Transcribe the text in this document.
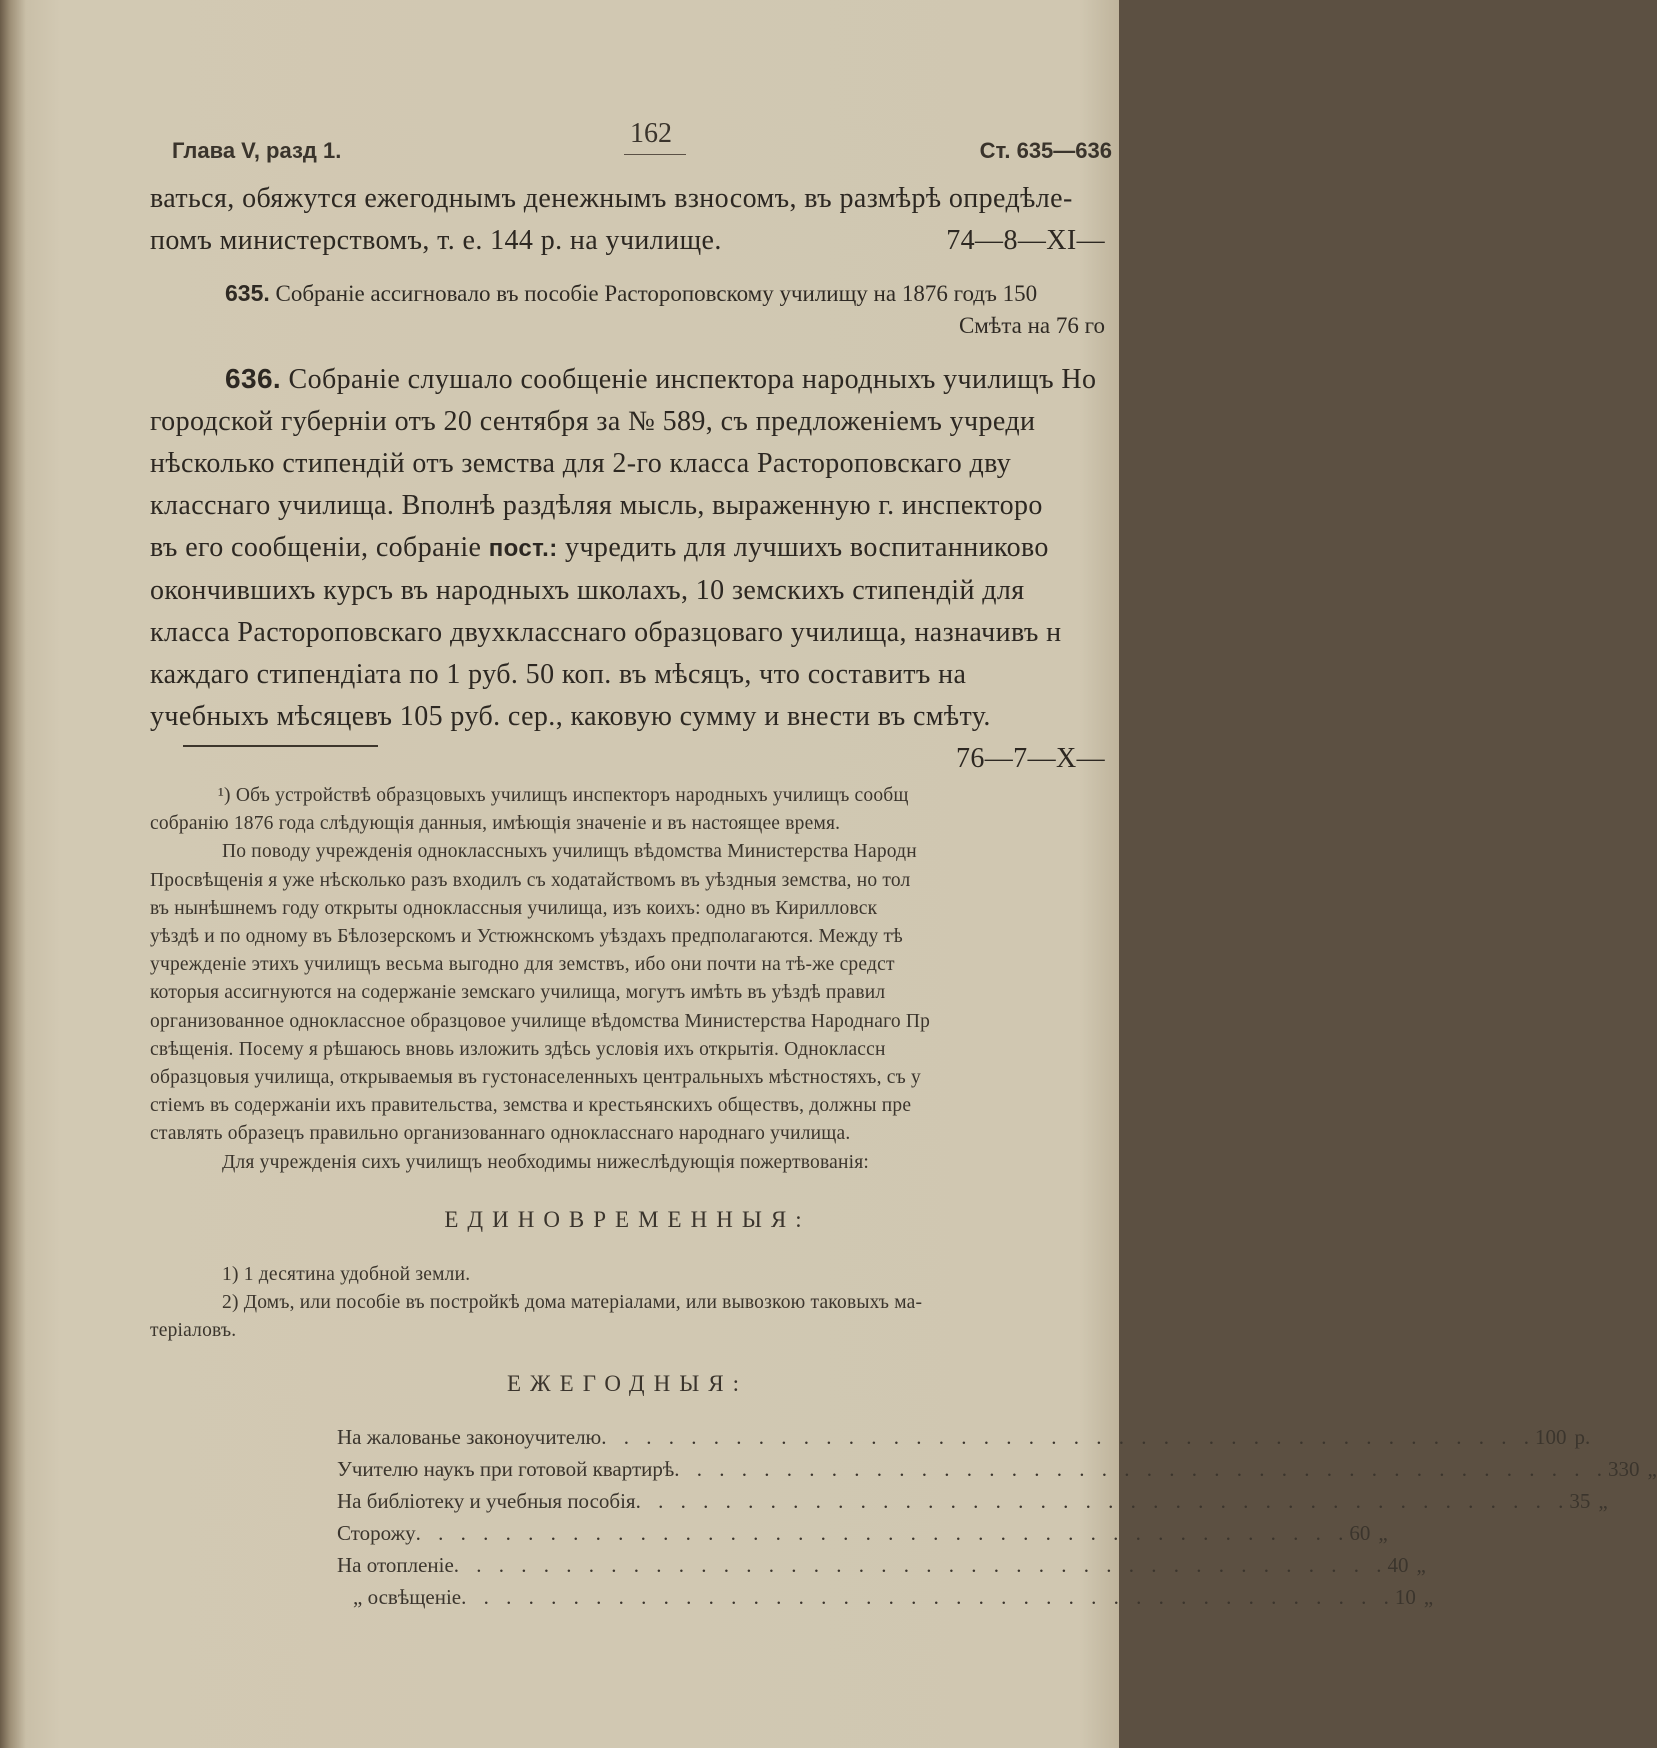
Глава V, разд 1.
162
Ст. 635—636

ваться, обяжутся ежегоднымъ денежнымъ взносомъ, въ размѣрѣ опредѣле-

помъ министерствомъ, т. е. 144 р. на училище.	74—8—XI—

635. Собраніе ассигновало въ пособіе Растороповскому училищу на 1876 годъ 150

Смѣта на 76 го

636. Собраніе слушало сообщеніе инспектора народныхъ училищъ Но

городской губерніи отъ 20 сентября за № 589, съ предложеніемъ учреди

нѣсколько стипендій отъ земства для 2-го класса Растороповскаго дву

класснаго училища. Вполнѣ раздѣляя мысль, выраженную г. инспекторо

въ его сообщеніи, собраніе пост.: учредить для лучшихъ воспитанниково

окончившихъ курсъ въ народныхъ школахъ, 10 земскихъ стипендій для

класса Растороповскаго двухкласснаго образцоваго училища, назначивъ н

каждаго стипендіата по 1 руб. 50 коп. въ мѣсяцъ, что составитъ на

учебныхъ мѣсяцевъ 105 руб. сер., каковую сумму и внести въ смѣту.

76—7—X—

¹) Объ устройствѣ образцовыхъ училищъ инспекторъ народныхъ училищъ сообщ

собранію 1876 года слѣдующія данныя, имѣющія значеніе и въ настоящее время.

По поводу учрежденія одноклассныхъ училищъ вѣдомства Министерства Народн

Просвѣщенія я уже нѣсколько разъ входилъ съ ходатайствомъ въ уѣздныя земства, но тол

въ нынѣшнемъ году открыты одноклассныя училища, изъ коихъ: одно въ Кирилловск

уѣздѣ и по одному въ Бѣлозерскомъ и Устюжнскомъ уѣздахъ предполагаются. Между тѣ

учрежденіе этихъ училищъ весьма выгодно для земствъ, ибо они почти на тѣ-же средст

которыя ассигнуются на содержаніе земскаго училища, могутъ имѣть въ уѣздѣ правил

организованное одноклассное образцовое училище вѣдомства Министерства Народнаго Пр

свѣщенія. Посему я рѣшаюсь вновь изложить здѣсь условія ихъ открытія. Одноклассн

образцовыя училища, открываемыя въ густонаселенныхъ центральныхъ мѣстностяхъ, съ у

стіемъ въ содержаніи ихъ правительства, земства и крестьянскихъ обществъ, должны пре

ставлять образецъ правильно организованнаго однокласснаго народнаго училища.

Для учрежденія сихъ училищъ необходимы нижеслѣдующія пожертвованія:

ЕДИНОВРЕМЕННЫЯ:

1) 1 десятина удобной земли.

2) Домъ, или пособіе въ постройкѣ дома матеріалами, или вывозкою таковыхъ ма-

теріаловъ.

ЕЖЕГОДНЫЯ:

На жалованье законоучителю . . . . . . . . . . . . . . . . . . . . . . . . . . . . . . . . . . . . . . . . . . 100 р.
Учителю наукъ при готовой квартирѣ . . . . . . . . . . . . . . . . . . . . . . . . . . . . . . . . . . . . . . . . . . 330 „
На библіотеку и учебныя пособія . . . . . . . . . . . . . . . . . . . . . . . . . . . . . . . . . . . . . . . . . . 35 „
Сторожу . . . . . . . . . . . . . . . . . . . . . . . . . . . . . . . . . . . . . . . . . . 60 „
На отопленіе . . . . . . . . . . . . . . . . . . . . . . . . . . . . . . . . . . . . . . . . . . 40 „
„ освѣщеніе . . . . . . . . . . . . . . . . . . . . . . . . . . . . . . . . . . . . . . . . . . 10 „
